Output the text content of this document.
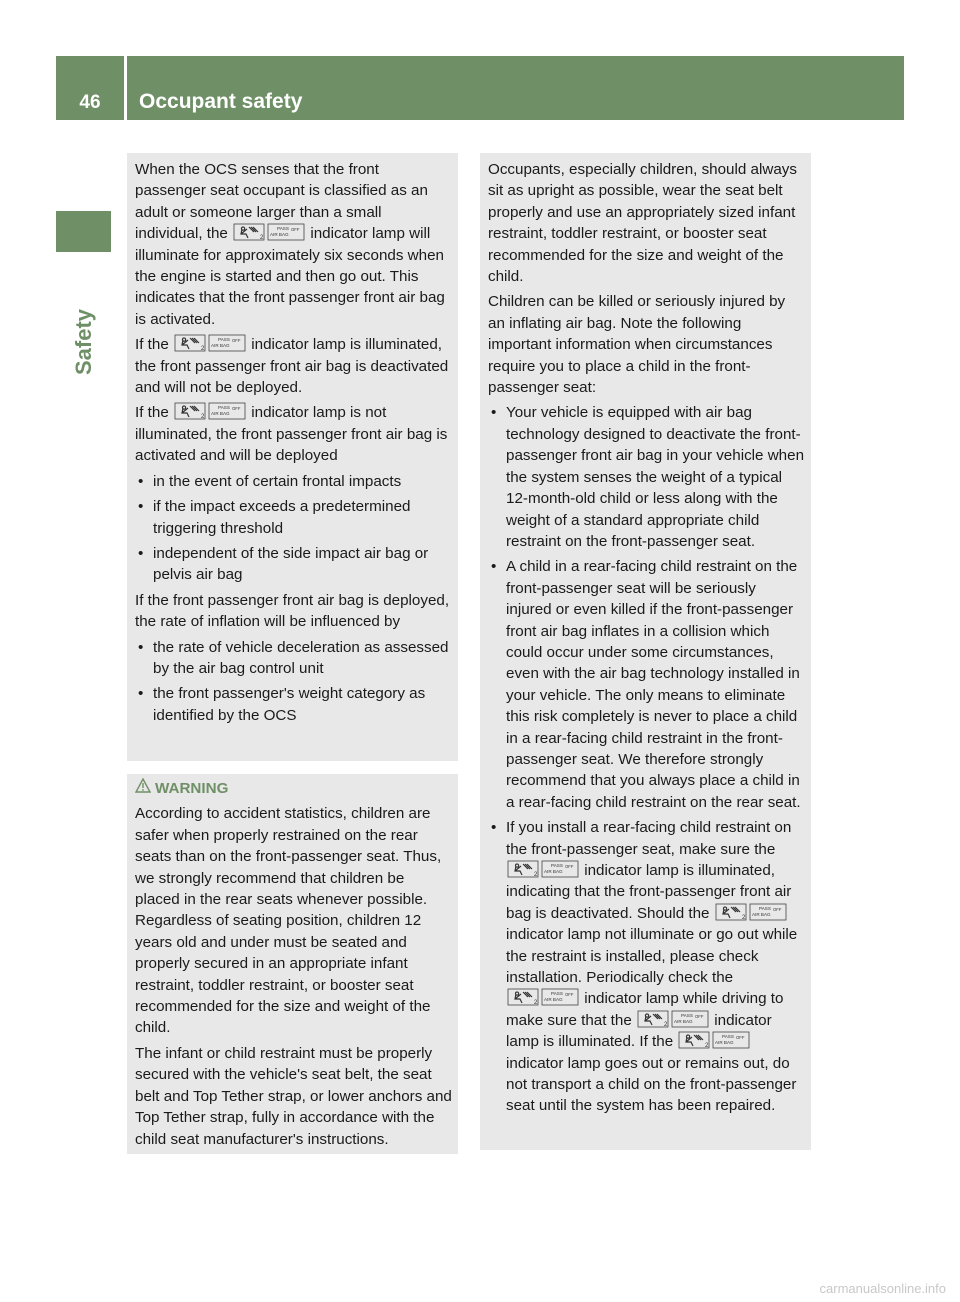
46	Occupant safety
Safety

When the OCS senses that the front passenger seat occupant is classified as an adult or someone larger than a small individual, the	2
PASS
AIR BAG
OFF indicator lamp will illuminate for approximately six seconds when the engine is started and then go out. This indicates that the front passenger front air bag is activated.

If the	2
PASS
AIR BAG
OFF indicator lamp is illuminated, the front passenger front air bag is deactivated and will not be deployed.

If the	2
PASS
AIR BAG
OFF indicator lamp is not illuminated, the front passenger front air bag is activated and will be deployed

• in the event of certain frontal impacts
• if the impact exceeds a predetermined triggering threshold
• independent of the side impact air bag or pelvis air bag

If the front passenger front air bag is deployed, the rate of inflation will be influenced by

• the rate of vehicle deceleration as assessed by the air bag control unit
• the front passenger's weight category as identified by the OCS
WARNING

According to accident statistics, children are safer when properly restrained on the rear seats than on the front-passenger seat. Thus, we strongly recommend that children be placed in the rear seats whenever possible. Regardless of seating position, children 12 years old and under must be seated and properly secured in an appropriate infant restraint, toddler restraint, or booster seat recommended for the size and weight of the child.

The infant or child restraint must be properly secured with the vehicle's seat belt, the seat belt and Top Tether strap, or lower anchors and Top Tether strap, fully in accordance with the child seat manufacturer's instructions.

Occupants, especially children, should always sit as upright as possible, wear the seat belt properly and use an appropriately sized infant restraint, toddler restraint, or booster seat recommended for the size and weight of the child.

Children can be killed or seriously injured by an inflating air bag. Note the following important information when circumstances require you to place a child in the front-passenger seat:

• Your vehicle is equipped with air bag technology designed to deactivate the front-passenger front air bag in your vehicle when the system senses the weight of a typical 12-month-old child or less along with the weight of a standard appropriate child restraint on the front-passenger seat.
• A child in a rear-facing child restraint on the front-passenger seat will be seriously injured or even killed if the front-passenger front air bag inflates in a collision which could occur under some circumstances, even with the air bag technology installed in your vehicle. The only means to eliminate this risk completely is never to place a child in a rear-facing child restraint in the front-passenger seat. We therefore strongly recommend that you always place a child in a rear-facing child restraint on the rear seat.
• If you install a rear-facing child restraint on the front-passenger seat, make sure the
2
PASS
AIR BAG
OFF indicator lamp is illuminated, indicating that the front-passenger front air bag is deactivated. Should the	2
PASS
AIR BAG
OFF
indicator lamp not illuminate or go out while the restraint is installed, please check installation. Periodically check the
2
PASS
AIR BAG
OFF indicator lamp while driving to make sure that the	2
PASS
AIR BAG
OFF indicator lamp is illuminated. If the	2
PASS
AIR BAG
OFF
indicator lamp goes out or remains out, do not transport a child on the front-passenger seat until the system has been repaired.
carmanualsonline.info
